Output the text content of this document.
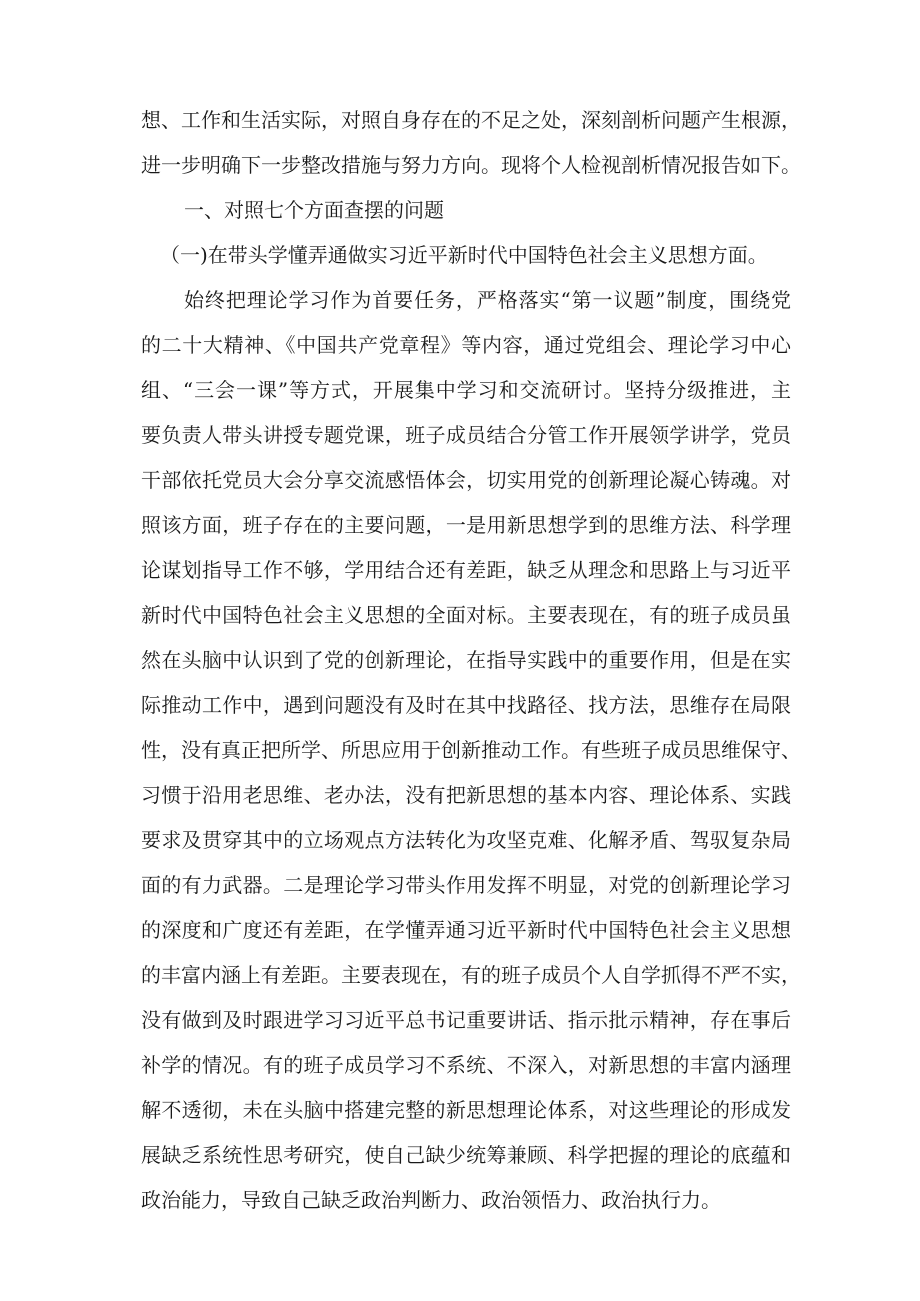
想、工作和生活实际，对照自身存在的不足之处，深刻剖析问题产生根源，
进一步明确下一步整改措施与努力方向。现将个人检视剖析情况报告如下。
一、对照七个方面查摆的问题
（一)在带头学懂弄通做实习近平新时代中国特色社会主义思想方面。
始终把理论学习作为首要任务，严格落实“第一议题”制度，围绕党
的二十大精神、《中国共产党章程》等内容，通过党组会、理论学习中心
组、“三会一课”等方式，开展集中学习和交流研讨。坚持分级推进，主
要负责人带头讲授专题党课，班子成员结合分管工作开展领学讲学，党员
干部依托党员大会分享交流感悟体会，切实用党的创新理论凝心铸魂。对
照该方面，班子存在的主要问题，一是用新思想学到的思维方法、科学理
论谋划指导工作不够，学用结合还有差距，缺乏从理念和思路上与习近平
新时代中国特色社会主义思想的全面对标。主要表现在，有的班子成员虽
然在头脑中认识到了党的创新理论，在指导实践中的重要作用，但是在实
际推动工作中，遇到问题没有及时在其中找路径、找方法，思维存在局限
性，没有真正把所学、所思应用于创新推动工作。有些班子成员思维保守、
习惯于沿用老思维、老办法，没有把新思想的基本内容、理论体系、实践
要求及贯穿其中的立场观点方法转化为攻坚克难、化解矛盾、驾驭复杂局
面的有力武器。二是理论学习带头作用发挥不明显，对党的创新理论学习
的深度和广度还有差距，在学懂弄通习近平新时代中国特色社会主义思想
的丰富内涵上有差距。主要表现在，有的班子成员个人自学抓得不严不实，
没有做到及时跟进学习习近平总书记重要讲话、指示批示精神，存在事后
补学的情况。有的班子成员学习不系统、不深入，对新思想的丰富内涵理
解不透彻，未在头脑中搭建完整的新思想理论体系，对这些理论的形成发
展缺乏系统性思考研究，使自己缺少统筹兼顾、科学把握的理论的底蕴和
政治能力，导致自己缺乏政治判断力、政治领悟力、政治执行力。
